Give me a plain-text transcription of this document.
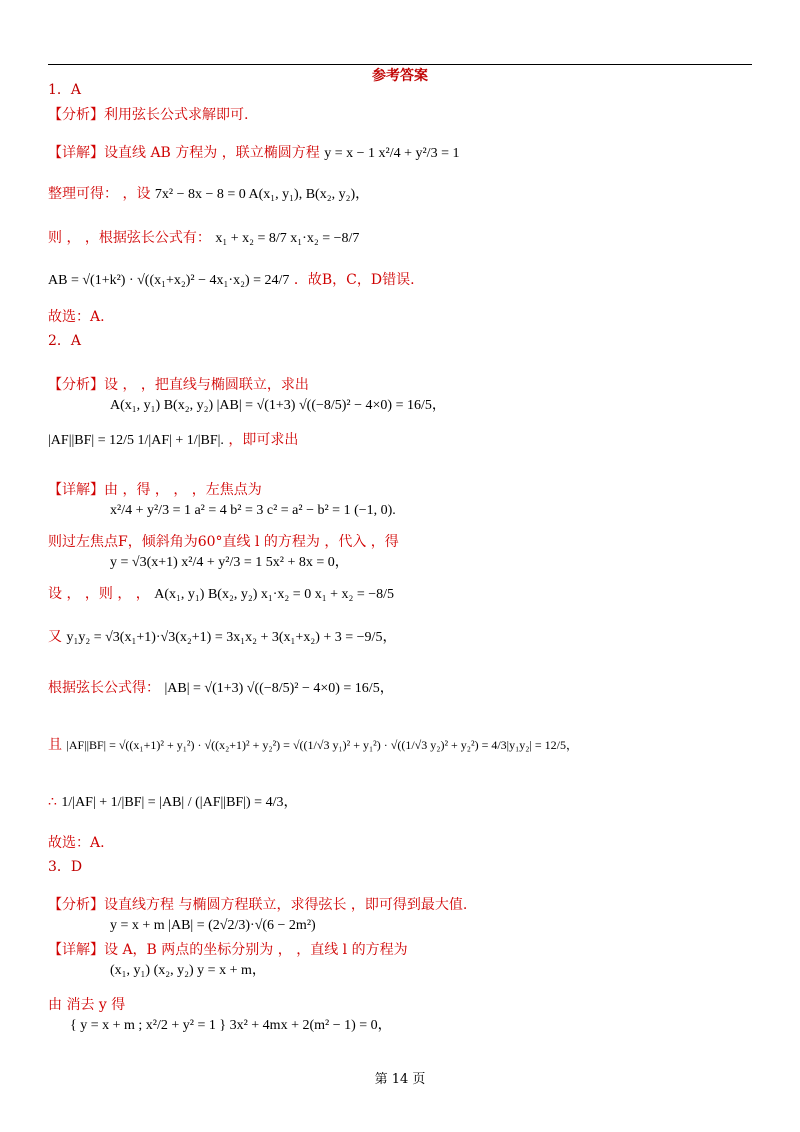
参考答案
1．A
【分析】利用弦长公式求解即可.
【详解】设直线 AB 方程为 ，联立椭圆方程 y = x − 1 x²/4 + y²/3 = 1
整理可得： ，设 7x² − 8x − 8 = 0 A(x₁, y₁), B(x₂, y₂)，
则 ， ，根据弦长公式有： x₁ + x₂ = 8/7 x₁·x₂ = −8/7
AB = √(1+k²) · √((x₁+x₂)² − 4x₁·x₂) = 24/7 ．故B，C，D错误.
故选：A.
2．A
【分析】设 ， ，把直线与椭圆联立，求出
A(x₁, y₁) B(x₂, y₂) |AB| = √(1+3) √((−8/5)² − 4×0) = 16/5，
|AF||BF| = 12/5 1/|AF| + 1/|BF|. ，即可求出
【详解】由 ，得 ， ， ，左焦点为
x²/4 + y²/3 = 1 a² = 4 b² = 3 c² = a² − b² = 1 (−1, 0).
则过左焦点F，倾斜角为60°直线 l 的方程为 ，代入 ，得
y = √3(x+1) x²/4 + y²/3 = 1 5x² + 8x = 0，
设 ， ，则 ， ， A(x₁, y₁) B(x₂, y₂) x₁·x₂ = 0 x₁ + x₂ = −8/5
又 y₁y₂ = √3(x₁+1)·√3(x₂+1) = 3x₁x₂ + 3(x₁+x₂) + 3 = −9/5，
根据弦长公式得： |AB| = √(1+3) √((−8/5)² − 4×0) = 16/5，
且 |AF||BF| = √((x₁+1)² + y₁²) · √((x₂+1)² + y₂²) = √((1/√3 y₁)² + y₁²) · √((1/√3 y₂)² + y₂²) = 4/3|y₁y₂| = 12/5，
∴ 1/|AF| + 1/|BF| = |AB| / (|AF||BF|) = 4/3，
故选：A.
3．D
【分析】设直线方程 与椭圆方程联立，求得弦长 ，即可得到最大值.
y = x + m |AB| = (2√2/3)·√(6 − 2m²)
【详解】设 A，B 两点的坐标分别为 ， ，直线 l 的方程为
(x₁, y₁) (x₂, y₂) y = x + m，
由 消去 y 得
{ y = x + m ; x²/2 + y² = 1 } 3x² + 4mx + 2(m² − 1) = 0，
第 14 页
